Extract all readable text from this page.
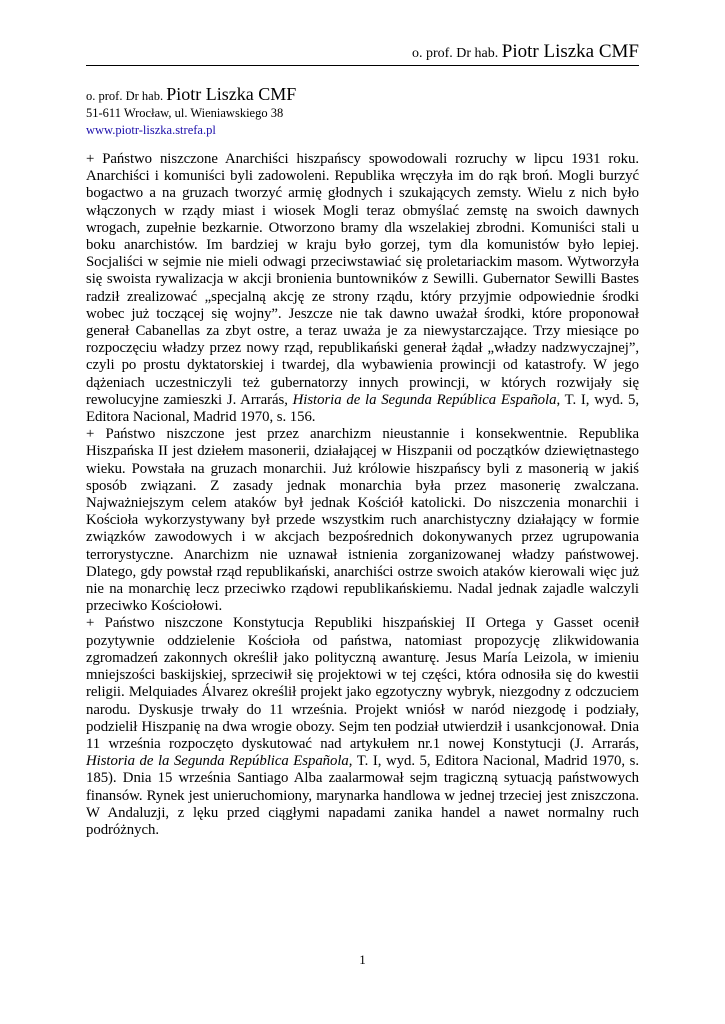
o. prof. Dr hab. Piotr Liszka CMF
o. prof. Dr hab. Piotr Liszka CMF
51-611 Wrocław, ul. Wieniawskiego 38
www.piotr-liszka.strefa.pl

+ Państwo niszczone Anarchiści hiszpańscy spowodowali rozruchy w lipcu 1931 roku. Anarchiści i komuniści byli zadowoleni. Republika wręczyła im do rąk broń. Mogli burzyć bogactwo a na gruzach tworzyć armię głodnych i szukających zemsty. Wielu z nich było włączonych w rządy miast i wiosek Mogli teraz obmyślać zemstę na swoich dawnych wrogach, zupełnie bezkarnie. Otworzono bramy dla wszelakiej zbrodni. Komuniści stali u boku anarchistów. Im bardziej w kraju było gorzej, tym dla komunistów było lepiej. Socjaliści w sejmie nie mieli odwagi przeciwstawiać się proletariackim masom. Wytworzyła się swoista rywalizacja w akcji bronienia buntowników z Sewilli. Gubernator Sewilli Bastes radził zrealizować „specjalną akcję ze strony rządu, który przyjmie odpowiednie środki wobec już toczącej się wojny”. Jeszcze nie tak dawno uważał środki, które proponował generał Cabanellas za zbyt ostre, a teraz uważa je za niewystarczające. Trzy miesiące po rozpoczęciu władzy przez nowy rząd, republikański generał żądał „władzy nadzwyczajnej”, czyli po prostu dyktatorskiej i twardej, dla wybawienia prowincji od katastrofy. W jego dążeniach uczestniczyli też gubernatorzy innych prowincji, w których rozwijały się rewolucyjne zamieszki J. Arrarás, Historia de la Segunda República Española, T. I, wyd. 5, Editora Nacional, Madrid 1970, s. 156.

+ Państwo niszczone jest przez anarchizm nieustannie i konsekwentnie. Republika Hiszpańska II jest dziełem masonerii, działającej w Hiszpanii od początków dziewiętnastego wieku. Powstała na gruzach monarchii. Już królowie hiszpańscy byli z masonerią w jakiś sposób związani. Z zasady jednak monarchia była przez masonerię zwalczana. Najważniejszym celem ataków był jednak Kościół katolicki. Do niszczenia monarchii i Kościoła wykorzystywany był przede wszystkim ruch anarchistyczny działający w formie związków zawodowych i w akcjach bezpośrednich dokonywanych przez ugrupowania terrorystyczne. Anarchizm nie uznawał istnienia zorganizowanej władzy państwowej. Dlatego, gdy powstał rząd republikański, anarchiści ostrze swoich ataków kierowali więc już nie na monarchię lecz przeciwko rządowi republikańskiemu. Nadal jednak zajadle walczyli przeciwko Kościołowi.

+ Państwo niszczone Konstytucja Republiki hiszpańskiej II Ortega y Gasset ocenił pozytywnie oddzielenie Kościoła od państwa, natomiast propozycję zlikwidowania zgromadzeń zakonnych określił jako polityczną awanturę. Jesus María Leizola, w imieniu mniejszości baskijskiej, sprzeciwił się projektowi w tej części, która odnosiła się do kwestii religii. Melquiades Álvarez określił projekt jako egzotyczny wybryk, niezgodny z odczuciem narodu. Dyskusje trwały do 11 września. Projekt wniósł w naród niezgodę i podziały, podzielił Hiszpanię na dwa wrogie obozy. Sejm ten podział utwierdził i usankcjonował. Dnia 11 września rozpoczęto dyskutować nad artykułem nr.1 nowej Konstytucji (J. Arrarás, Historia de la Segunda República Española, T. I, wyd. 5, Editora Nacional, Madrid 1970, s. 185). Dnia 15 września Santiago Alba zaalarmował sejm tragiczną sytuacją państwowych finansów. Rynek jest unieruchomiony, marynarka handlowa w jednej trzeciej jest zniszczona. W Andaluzji, z lęku przed ciągłymi napadami zanika handel a nawet normalny ruch podróżnych.

1
